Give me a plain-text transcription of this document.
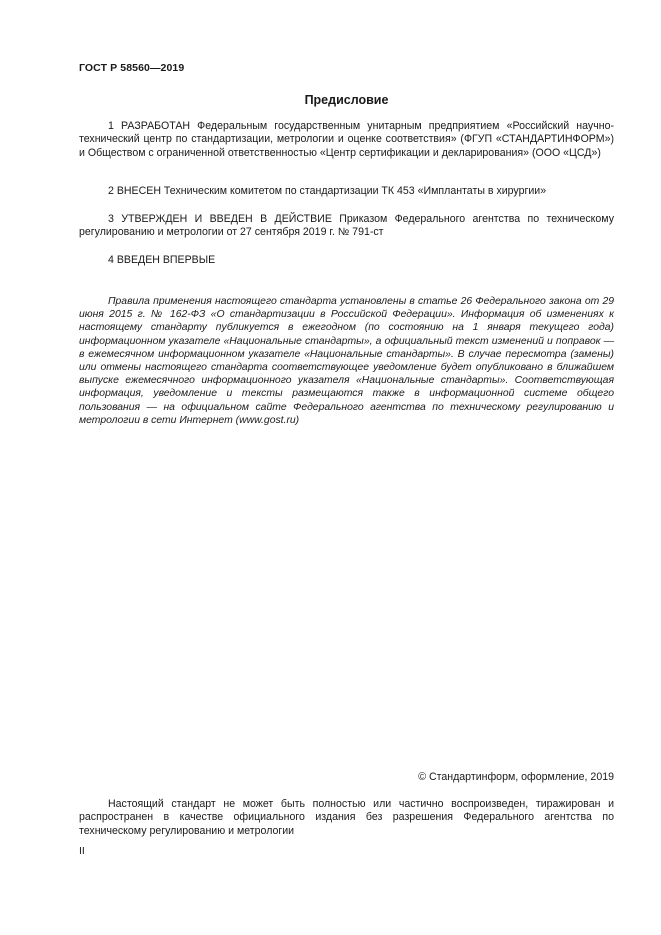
ГОСТ Р 58560—2019
Предисловие

1 РАЗРАБОТАН Федеральным государственным унитарным предприятием «Российский научно-технический центр по стандартизации, метрологии и оценке соответствия» (ФГУП «СТАНДАРТИНФОРМ») и Обществом с ограниченной ответственностью «Центр сертификации и декларирования» (ООО «ЦСД»)

2 ВНЕСЕН Техническим комитетом по стандартизации ТК 453 «Имплантаты в хирургии»

3 УТВЕРЖДЕН И ВВЕДЕН В ДЕЙСТВИЕ Приказом Федерального агентства по техническому регулированию и метрологии от 27 сентября 2019 г. № 791-ст

4 ВВЕДЕН ВПЕРВЫЕ

Правила применения настоящего стандарта установлены в статье 26 Федерального закона от 29 июня 2015 г. № 162-ФЗ «О стандартизации в Российской Федерации». Информация об изменениях к настоящему стандарту публикуется в ежегодном (по состоянию на 1 января текущего года) информационном указателе «Национальные стандарты», а официальный текст изменений и поправок — в ежемесячном информационном указателе «Национальные стандарты». В случае пересмотра (замены) или отмены настоящего стандарта соответствующее уведомление будет опубликовано в ближайшем выпуске ежемесячного информационного указателя «Национальные стандарты». Соответствующая информация, уведомление и тексты размещаются также в информационной системе общего пользования — на официальном сайте Федерального агентства по техническому регулированию и метрологии в сети Интернет (www.gost.ru)

© Стандартинформ, оформление, 2019

Настоящий стандарт не может быть полностью или частично воспроизведен, тиражирован и распространен в качестве официального издания без разрешения Федерального агентства по техническому регулированию и метрологии

II
